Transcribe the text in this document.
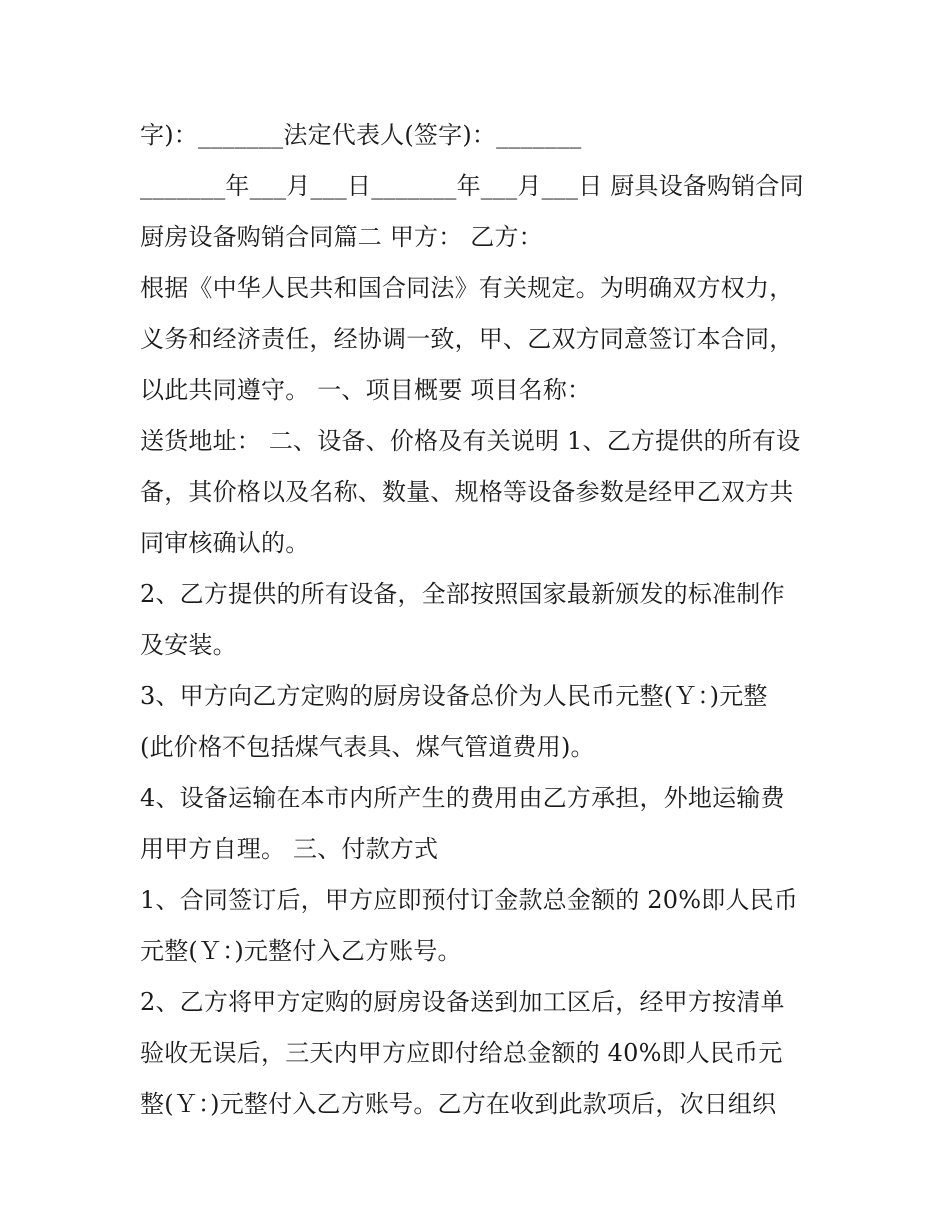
字)：_______法定代表人(签字)：_______
_______年___月___日_______年___月___日 厨具设备购销合同
厨房设备购销合同篇二 甲方： 乙方：
根据《中华人民共和国合同法》有关规定。为明确双方权力，
义务和经济责任，经协调一致，甲、乙双方同意签订本合同，
以此共同遵守。 一、项目概要 项目名称：
送货地址： 二、设备、价格及有关说明 1、乙方提供的所有设
备，其价格以及名称、数量、规格等设备参数是经甲乙双方共
同审核确认的。
2、乙方提供的所有设备，全部按照国家最新颁发的标准制作
及安装。
3、甲方向乙方定购的厨房设备总价为人民币元整(Ｙ：)元整
(此价格不包括煤气表具、煤气管道费用)。
4、设备运输在本市内所产生的费用由乙方承担，外地运输费
用甲方自理。 三、付款方式
1、合同签订后，甲方应即预付订金款总金额的 20%即人民币
元整(Ｙ：)元整付入乙方账号。
2、乙方将甲方定购的厨房设备送到加工区后，经甲方按清单
验收无误后，三天内甲方应即付给总金额的 40%即人民币元
整(Ｙ：)元整付入乙方账号。乙方在收到此款项后，次日组织
